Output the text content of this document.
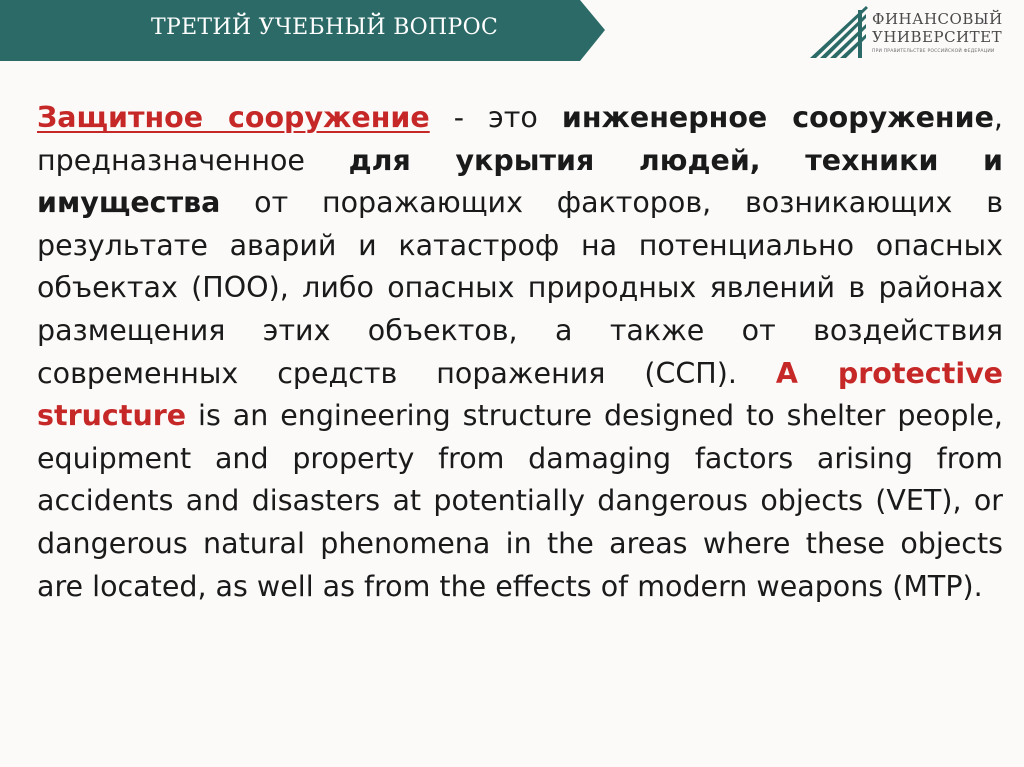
ТРЕТИЙ УЧЕБНЫЙ ВОПРОС	ФИНАНСОВЫЙ
УНИВЕРСИТЕТ
ПРИ ПРАВИТЕЛЬСТВЕ РОССИЙСКОЙ ФЕДЕРАЦИИ
Защитное сооружение - это инженерное сооружение, предназначенное для укрытия людей, техники и имущества от поражающих факторов, возникающих в результате аварий и катастроф на потенциально опасных объектах (ПОО), либо опасных природных явлений в районах размещения этих объектов, а также от воздействия современных средств поражения (ССП). A protective structure is an engineering structure designed to shelter people, equipment and property from damaging factors arising from accidents and disasters at potentially dangerous objects (VET), or dangerous natural phenomena in the areas where these objects are located, as well as from the effects of modern weapons (MTP).
